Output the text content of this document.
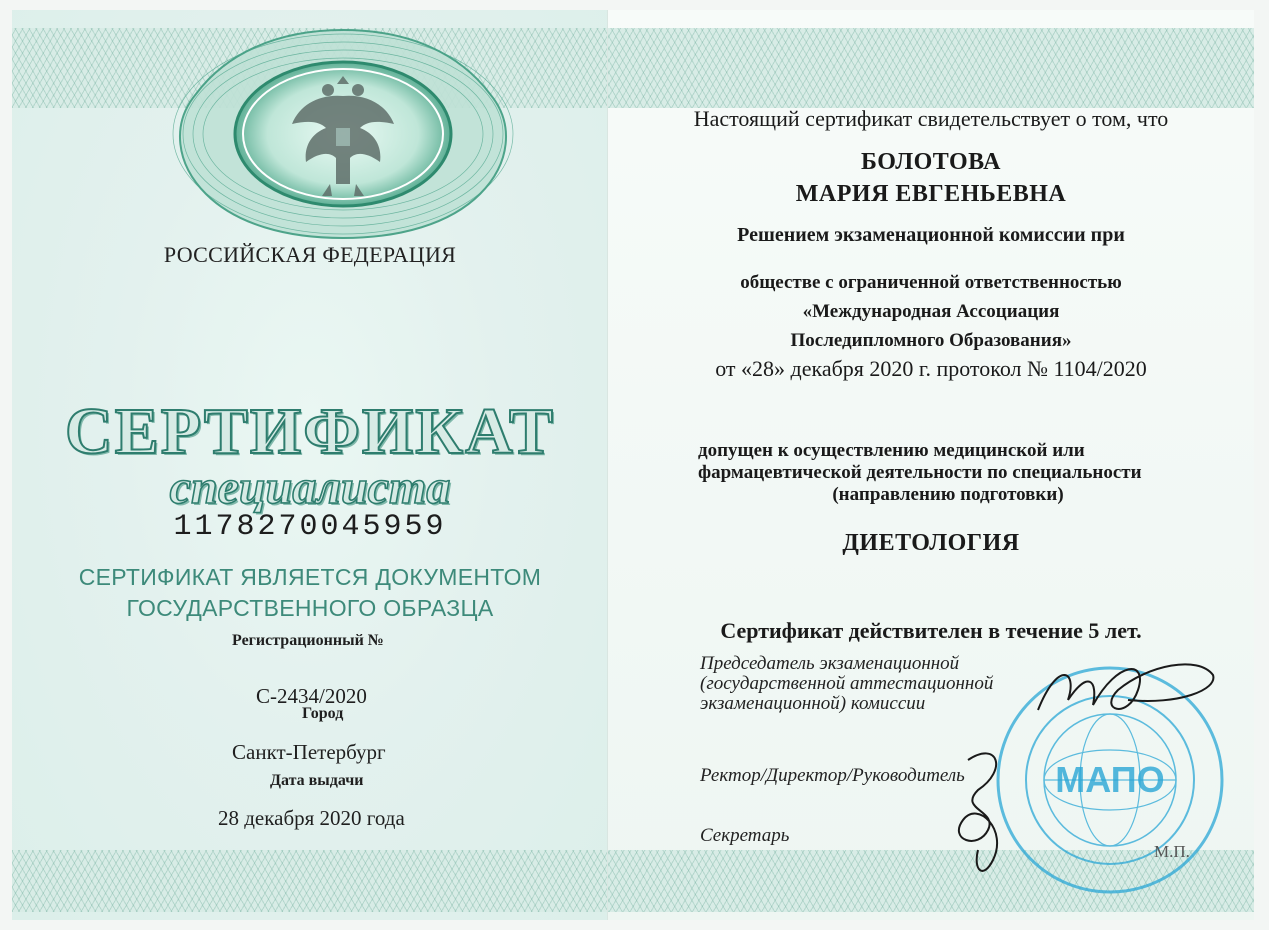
РОССИЙСКАЯ ФЕДЕРАЦИЯ

СЕРТИФИКАТ

специалиста

1178270045959

СЕРТИФИКАТ ЯВЛЯЕТСЯ ДОКУМЕНТОМ
ГОСУДАРСТВЕННОГО ОБРАЗЦА

Регистрационный №

С-2434/2020

Город

Санкт-Петербург

Дата выдачи

28 декабря 2020 года

Настоящий сертификат свидетельствует о том, что

БОЛОТОВА
МАРИЯ ЕВГЕНЬЕВНА

Решением экзаменационной комиссии при

обществе с ограниченной ответственностью
«Международная Ассоциация
Последипломного Образования»

от «28» декабря 2020 г. протокол № 1104/2020

допущен к осуществлению медицинской или
фармацевтической деятельности по специальности
(направлению подготовки)

ДИЕТОЛОГИЯ

Сертификат действителен в течение 5 лет.

Председатель экзаменационной
(государственной аттестационной
экзаменационной) комиссии

Ректор/Директор/Руководитель

Секретарь

МАПО

М.П.
